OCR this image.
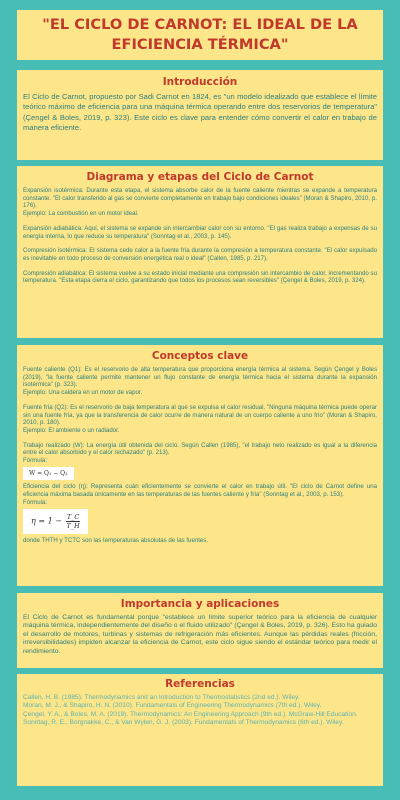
"EL CICLO DE CARNOT: EL IDEAL DE LA EFICIENCIA TÉRMICA"
Introducción

El Ciclo de Carnot, propuesto por Sadi Carnot en 1824, es "un modelo idealizado que establece el límite teórico máximo de eficiencia para una máquina térmica operando entre dos reservorios de temperatura" (Çengel & Boles, 2019, p. 323). Este ciclo es clave para entender cómo convertir el calor en trabajo de manera eficiente.

Diagrama y etapas del Ciclo de Carnot

Expansión isotérmica: Durante esta etapa, el sistema absorbe calor de la fuente caliente mientras se expande a temperatura constante. "El calor transferido al gas se convierte completamente en trabajo bajo condiciones ideales" (Moran & Shapiro, 2010, p. 176).

Ejemplo: La combustión en un motor ideal.

Expansión adiabática: Aquí, el sistema se expande sin intercambiar calor con su entorno. "El gas realiza trabajo a expensas de su energía interna, lo que reduce su temperatura" (Sonntag et al., 2003, p. 145).

Compresión isotérmica: El sistema cede calor a la fuente fría durante la compresión a temperatura constante. "El calor expulsado es inevitable en todo proceso de conversión energética real o ideal" (Callen, 1985, p. 217).

Compresión adiabática: El sistema vuelve a su estado inicial mediante una compresión sin intercambio de calor, incrementando su temperatura. "Esta etapa cierra el ciclo, garantizando que todos los procesos sean reversibles" (Çengel & Boles, 2019, p. 324).

Conceptos clave

Fuente caliente (Q1): Es el reservorio de alta temperatura que proporciona energía térmica al sistema. Según Çengel y Boles (2019), "la fuente caliente permite mantener un flujo constante de energía térmica hacia el sistema durante la expansión isotérmica" (p. 323).

Ejemplo: Una caldera en un motor de vapor.

Fuente fría (Q2): Es el reservorio de baja temperatura al que se expulsa el calor residual. "Ninguna máquina térmica puede operar sin una fuente fría, ya que la transferencia de calor ocurre de manera natural de un cuerpo caliente a uno frío" (Moran & Shapiro, 2010, p. 180).

Ejemplo: El ambiente o un radiador.

Trabajo realizado (W): La energía útil obtenida del ciclo. Según Callen (1985), "el trabajo neto realizado es igual a la diferencia entre el calor absorbido y el calor rechazado" (p. 213).

Fórmula:

W = Q₁ − Q₂

Eficiencia del ciclo (η): Representa cuán eficientemente se convierte el calor en trabajo útil. "El ciclo de Carnot define una eficiencia máxima basada únicamente en las temperaturas de las fuentes caliente y fría" (Sonntag et al., 2003, p. 153).

Fórmula:

$\eta = 1 - \frac{T\_C}{T\_H}$

donde THTH y TCTC son las temperaturas absolutas de las fuentes.

Importancia y aplicaciones

El Ciclo de Carnot es fundamental porque "establece un límite superior teórico para la eficiencia de cualquier máquina térmica, independientemente del diseño o el fluido utilizado" (Çengel & Boles, 2019, p. 326). Esto ha guiado el desarrollo de motores, turbinas y sistemas de refrigeración más eficientes. Aunque las pérdidas reales (fricción, irreversibilidades) impiden alcanzar la eficiencia de Carnot, este ciclo sigue siendo el estándar teórico para medir el rendimiento.

Referencias

Callen, H. B. (1985). Thermodynamics and an Introduction to Thermostatistics (2nd ed.). Wiley.

Moran, M. J., & Shapiro, H. N. (2010). Fundamentals of Engineering Thermodynamics (7th ed.). Wiley.

Çengel, Y. A., & Boles, M. A. (2019). Thermodynamics: An Engineering Approach (9th ed.). McGraw-Hill Education.

Sonntag, R. E., Borgnakke, C., & Van Wylen, G. J. (2003). Fundamentals of Thermodynamics (6th ed.). Wiley.
